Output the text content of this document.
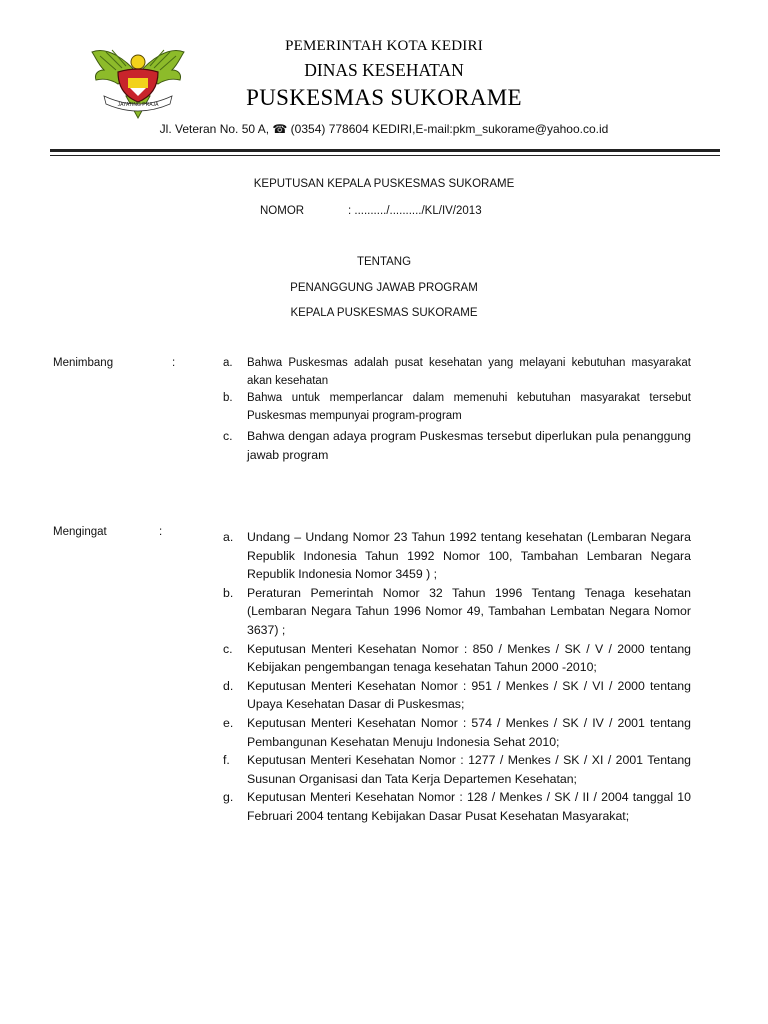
JAYATING PRAJA
PEMERINTAH KOTA KEDIRI
DINAS KESEHATAN
PUSKESMAS SUKORAME
Jl. Veteran No. 50 A, ☎ (0354) 778604 KEDIRI,E-mail:pkm_sukorame@yahoo.co.id
KEPUTUSAN KEPALA PUSKESMAS SUKORAME
NOMOR	: ........../........../KL/IV/2013
TENTANG
PENANGGUNG JAWAB PROGRAM
KEPALA PUSKESMAS SUKORAME
Menimbang	:	a.	Bahwa Puskesmas adalah pusat kesehatan yang melayani kebutuhan masyarakat akan kesehatan
b.	Bahwa untuk memperlancar dalam memenuhi kebutuhan masyarakat tersebut Puskesmas mempunyai program-program
c.	Bahwa dengan adaya program Puskesmas tersebut diperlukan pula penanggung jawab program
Mengingat	:	a.	Undang – Undang Nomor 23 Tahun 1992 tentang kesehatan (Lembaran Negara Republik Indonesia Tahun 1992 Nomor 100, Tambahan Lembaran Negara Republik Indonesia Nomor 3459 ) ;
b.	Peraturan Pemerintah Nomor 32 Tahun 1996 Tentang Tenaga kesehatan (Lembaran Negara Tahun 1996 Nomor 49, Tambahan Lembatan Negara Nomor 3637) ;
c.	Keputusan Menteri Kesehatan Nomor : 850 / Menkes / SK / V / 2000 tentang Kebijakan pengembangan tenaga kesehatan Tahun 2000 -2010;
d.	Keputusan Menteri Kesehatan Nomor : 951 / Menkes / SK / VI / 2000 tentang Upaya Kesehatan Dasar di Puskesmas;
e.	Keputusan Menteri Kesehatan Nomor : 574 / Menkes / SK / IV / 2001 tentang Pembangunan Kesehatan Menuju Indonesia Sehat 2010;
f.	Keputusan Menteri Kesehatan Nomor : 1277 / Menkes / SK / XI / 2001 Tentang Susunan Organisasi dan Tata Kerja Departemen Kesehatan;
g.	Keputusan Menteri Kesehatan Nomor : 128 / Menkes / SK / II / 2004 tanggal 10 Februari 2004 tentang Kebijakan Dasar Pusat Kesehatan Masyarakat;
